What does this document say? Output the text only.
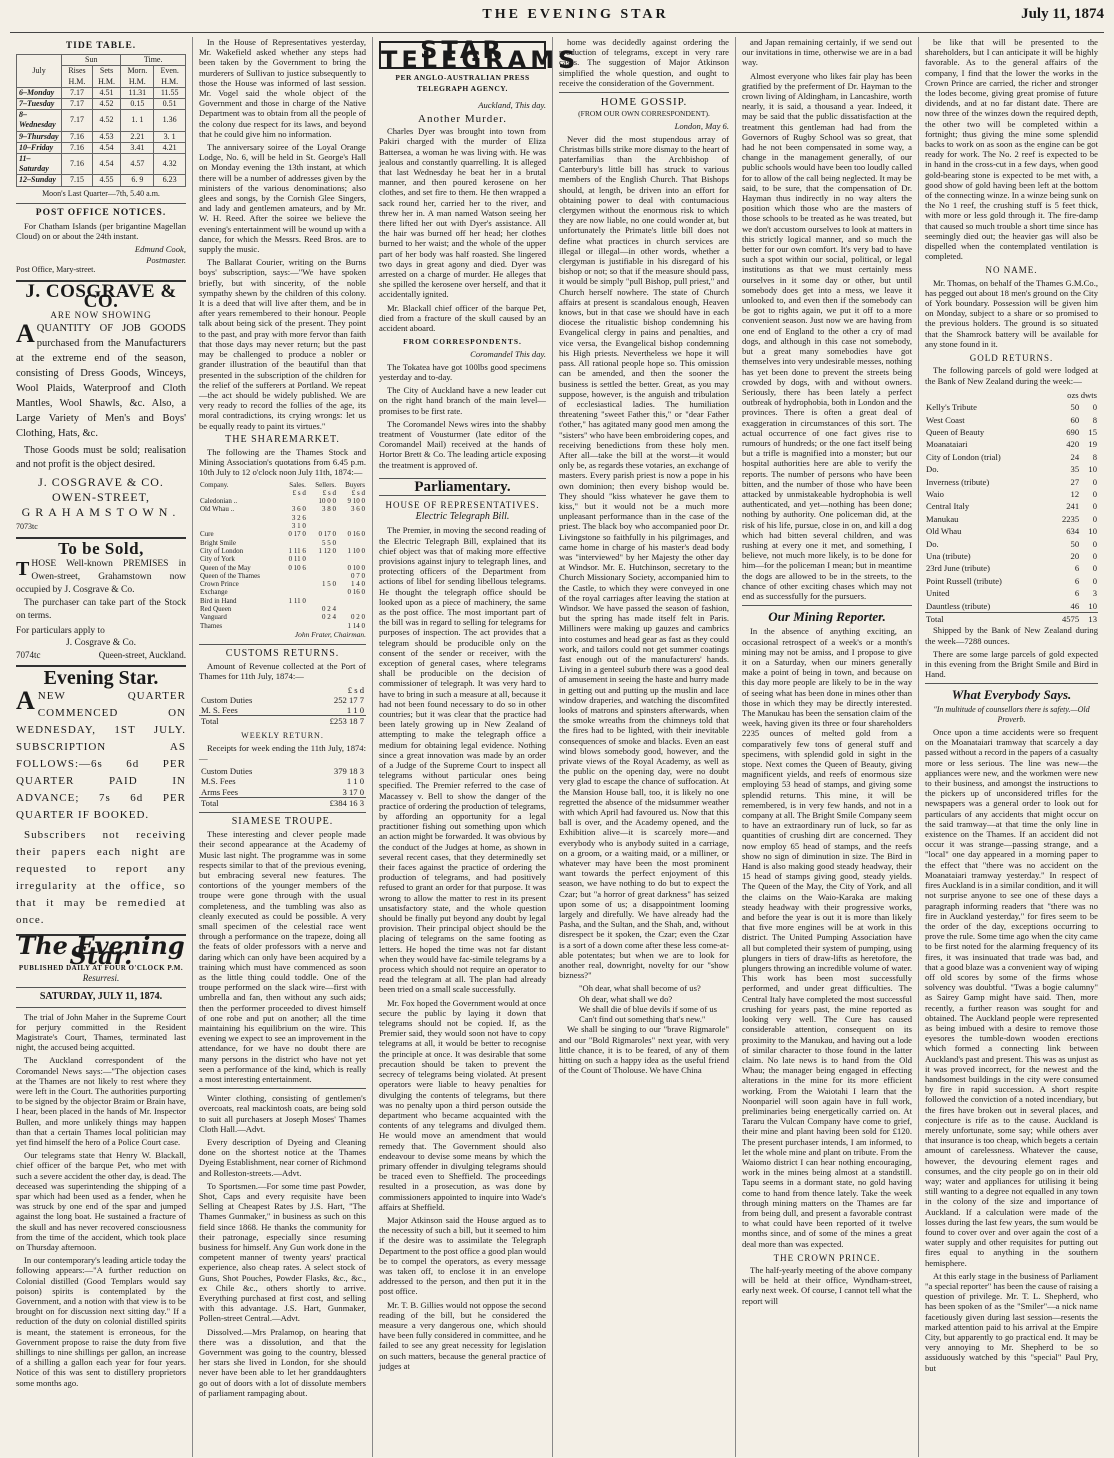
THE EVENING STAR	July 11, 1874
TIDE TABLE.
July	Sun		Time.	
	Rises H.M.	Sets H.M.	Morn. H.M.	Even. H.M.
6–Monday	7.17	4.51	11.31	11.55
7–Tuesday	7.17	4.52	0.15	0.51
8–Wednesday	7.17	4.52	1. 1	1.36
9–Thursday	7.16	4.53	2.21	3. 1
10–Friday	7.16	4.54	3.41	4.21
11–Saturday	7.16	4.54	4.57	4.32
12–Sunday	7.15	4.55	6. 9	6.23
Moon's Last Quarter—7th, 5.40 a.m.
POST OFFICE NOTICES.

For Chatham Islands (per brigantine Magellan Cloud) on or about the 24th instant.

Edmund Cook,
Postmaster.
Post Office, Mary-street.
J. COSGRAVE & CO.
ARE NOW SHOWING
AQUANTITY OF JOB GOODS purchased from the Manufacturers at the extreme end of the season, consisting of Dress Goods, Winceys, Wool Plaids, Waterproof and Cloth Mantles, Wool Shawls, &c. Also, a Large Variety of Men's and Boys' Clothing, Hats, &c.

Those Goods must be sold; realisation and not profit is the object desired.

J. COSGRAVE & CO.
OWEN-STREET,
GRAHAMSTOWN.
7073tc
To be Sold,
THOSE Well-known PREMISES in Owen-street, Grahamstown now occupied by J. Cosgrave & Co.

The purchaser can take part of the Stock on terms.

For particulars apply to
J. Cosgrave & Co.
7074tc	Queen-street, Auckland.
Evening Star.
ANEW QUARTER COMMENCED ON WEDNESDAY, 1ST JULY. SUBSCRIPTION AS FOLLOWS:—6s 6d PER QUARTER PAID IN ADVANCE; 7s 6d PER QUARTER IF BOOKED.

Subscribers not receiving their papers each night are requested to report any irregularity at the office, so that it may be remedied at once.

The Evening Star.
PUBLISHED DAILY AT FOUR O'CLOCK P.M.
Resurresi.
SATURDAY, JULY 11, 1874.

The trial of John Maher in the Supreme Court for perjury committed in the Resident Magistrate's Court, Thames, terminated last night, the accused being acquitted.

The Auckland correspondent of the Coromandel News says:—"The objection cases at the Thames are not likely to rest where they were left in the Court. The authorities purporting to be signed by the objector Braim or Brain have, I hear, been placed in the hands of Mr. Inspector Bullen, and more unlikely things may happen than that a certain Thames local politician may yet find himself the hero of a Police Court case.

Our telegrams state that Henry W. Blackall, chief officer of the barque Pet, who met with such a severe accident the other day, is dead. The deceased was superintending the shipping of a spar which had been used as a fender, when he was struck by one end of the spar and jumped against the long boat. He sustained a fracture of the skull and has never recovered consciousness from the time of the accident, which took place on Thursday afternoon.

In our contemporary's leading article today the following appears:—"A further reduction on Colonial distilled (Good Templars would say poison) spirits is contemplated by the Government, and a notion with that view is to be brought on for discussion next sitting day." If a reduction of the duty on colonial distilled spirits is meant, the statement is erroneous, for the Government propose to raise the duty from five shillings to nine shillings per gallon, an increase of a shilling a gallon each year for four years. Notice of this was sent to distillery proprietors some months ago.

In the House of Representatives yesterday, Mr. Wakefield asked whether any steps had been taken by the Government to bring the murderers of Sullivan to justice subsequently to those the House was informed of last session. Mr. Vogel said the whole object of the Government and those in charge of the Native Department was to obtain from all the people of the colony due respect for its laws, and beyond that he could give him no information.

The anniversary soiree of the Loyal Orange Lodge, No. 6, will be held in St. George's Hall on Monday evening the 13th instant, at which there will be a number of addresses given by the ministers of the various denominations; also glees and songs, by the Cornish Glee Singers, and lady and gentlemen amateurs, and by Mr. W. H. Reed. After the soiree we believe the evening's entertainment will be wound up with a dance, for which the Messrs. Reed Bros. are to supply the music.

The Ballarat Courier, writing on the Burns boys' subscription, says:—"We have spoken briefly, but with sincerity, of the noble sympathy shewn by the children of this colony. It is a deed that will live after them, and be in after years remembered to their honour. People talk about being sick of the present. They point to the past, and pray with more fervor than faith that those days may never return; but the past may be challenged to produce a nobler or grander illustration of the beautiful than that presented in the subscription of the children for the relief of the sufferers at Portland. We repeat—the act should be widely published. We are very ready to record the follies of the age, its moral contradictions, its crying wrongs: let us be equally ready to paint its virtues."

THE SHAREMARKET.

The following are the Thames Stock and Mining Association's quotations from 6.45 p.m. 10th July to 12 o'clock noon July 11th, 1874:—

Company.	Sales.	Sellers.	Buyers
	£ s d	£ s d	£ s d
Caledonian ..		10 0 0	9 10 0
Old Whau ..	3 6 0	3 8 0	3 6 0
	3 2 6		
	3 1 0		
Cure	0 17 0	0 17 0	0 16 0
Bright Smile		5 5 0	
City of London	1 11 6	1 12 0	1 10 0
City of York	0 11 0		
Queen of the May	0 10 6		0 10 0
Queen of the Thames			0 7 0
Crown Prince		1 5 0	1 4 0
Exchange			0 16 0
Bird in Hand	1 11 0		
Red Queen		0 2 4	
Vanguard		0 2 4	0 2 0
Thames			1 14 0
John Frater, Chairman.
CUSTOMS RETURNS.

Amount of Revenue collected at the Port of Thames for 11th July, 1874:—

	£ s d
Custom Duties	252 17 7
M. S. Fees	1 1 0
Total	£253 18 7
WEEKLY RETURN.

Receipts for week ending the 11th July, 1874:—

Custom Duties	379 18 3
M.S. Fees	1 1 0
Arms Fees	3 17 0
Total	£384 16 3
SIAMESE TROUPE.

These interesting and clever people made their second appearance at the Academy of Music last night. The programme was in some respects similar to that of the previous evening, but embracing several new features. The contortions of the younger members of the troupe were gone through with the usual completeness, and the tumbling was also as cleanly executed as could be possible. A very small specimen of the celestial race went through a performance on the trapeze, doing all the feats of older professors with a nerve and daring which can only have been acquired by a training which must have commenced as soon as the little thing could toddle. One of the troupe performed on the slack wire—first with umbrella and fan, then without any such aids; then the performer proceeded to divest himself of one robe and put on another; all the time maintaining his equilibrium on the wire. This evening we expect to see an improvement in the attendance, for we have no doubt there are many persons in the district who have not yet seen a performance of the kind, which is really a most interesting entertainment.

Winter clothing, consisting of gentlemen's overcoats, real mackintosh coats, are being sold to suit all purchasers at Joseph Moses' Thames Cloth Hall.—Advt.

Every description of Dyeing and Cleaning done on the shortest notice at the Thames Dyeing Establishment, near corner of Richmond and Rolleston-streets.—Advt.

To Sportsmen.—For some time past Powder, Shot, Caps and every requisite have been Selling at Cheapest Rates by J.S. Hart, "The Thames Gunmaker," in business as such on this field since 1868. He thanks the community for their patronage, especially since resuming business for himself. Any Gun work done in the competent manner of twenty years' practical experience, also cheap rates. A select stock of Guns, Shot Pouches, Powder Flasks, &c., &c., ex Chile &c., others shortly to arrive. Everything purchased at first cost, and selling with this advantage. J.S. Hart, Gunmaker, Pollen-street Central.—Advt.

Dissolved.—Mrs Pralamop, on hearing that there was a dissolution, and that the Government was going to the country, blessed her stars she lived in London, for she should never have been able to let her granddaughters go out of doors with a lot of dissolute members of parliament rampaging about.

STAR TELEGRAMS
PER ANGLO-AUSTRALIAN PRESS TELEGRAPH AGENCY.
Auckland, This day.
Another Murder.

Charles Dyer was brought into town from Pakiri charged with the murder of Eliza Battersea, a woman he was living with. He was jealous and constantly quarrelling. It is alleged that last Wednesday he beat her in a brutal manner, and then poured kerosene on her clothes, and set fire to them. He then wrapped a sack round her, carried her to the river, and threw her in. A man named Watson seeing her there lifted her out with Dyer's assistance. All the hair was burned off her head; her clothes burned to her waist; and the whole of the upper part of her body was half roasted. She lingered two days in great agony and died. Dyer was arrested on a charge of murder. He alleges that she spilled the kerosene over herself, and that it accidentally ignited.

Mr. Blackall chief officer of the barque Pet, died from a fracture of the skull caused by an accident aboard.

FROM CORRESPONDENTS.
Coromandel This day.

The Tokatea have got 100lbs good specimens yesterday and to-day.

The City of Auckland have a new leader cut on the right hand branch of the main level—promises to be first rate.

The Coromandel News wires into the shabby treatment of Vousturmer (late editor of the Coromandel Mail) received at the hands of Hortor Brett & Co. The leading article exposing the treatment is approved of.

Parliamentary.
HOUSE OF REPRESENTATIVES.
Electric Telegraph Bill.

The Premier, in moving the second reading of the Electric Telegraph Bill, explained that its chief object was that of making more effective provisions against injury to telegraph lines, and protecting officers of the Department from actions of libel for sending libellous telegrams. He thought the telegraph office should be looked upon as a piece of machinery, the same as the post office. The most important part of the bill was in regard to selling for telegrams for purposes of inspection. The act provides that a telegram should be producible only on the consent of the sender or receiver, with the exception of general cases, where telegrams shall be producible on the decision of commissioner of telegraph. It was very hard to have to bring in such a measure at all, because it had not been found necessary to do so in other countries; but it was clear that the practice had been lately growing up in New Zealand of attempting to make the telegraph office a medium for obtaining legal evidence. Nothing since a great innovation was made by an order of a Judge of the Supreme Court to inspect all telegrams without particular ones being specified. The Premier referred to the case of Macassey v. Bell to show the danger of the practice of ordering the production of telegrams, by affording an opportunity for a legal practitioner fishing out something upon which an action might be forwarded. It was obvious by the conduct of the Judges at home, as shown in several recent cases, that they determinedly set their faces against the practice of ordering the production of telegrams, and had positively refused to grant an order for that purpose. It was wrong to allow the matter to rest in its present unsatisfactory state, and the whole question should be finally put beyond any doubt by legal provision. Their principal object should be the placing of telegrams on the same footing as letters. He hoped the time was not far distant when they would have fac-simile telegrams by a process which should not require an operator to read the telegram at all. The plan had already been tried on a small scale successfully.

Mr. Fox hoped the Government would at once secure the public by laying it down that telegrams should not be copied. If, as the Premier said, they would soon not have to copy telegrams at all, it would be better to recognise the principle at once. It was desirable that some precaution should be taken to prevent the secrecy of telegrams being violated. At present operators were liable to heavy penalties for divulging the contents of telegrams, but there was no penalty upon a third person outside the department who became acquainted with the contents of any telegrams and divulged them. He would move an amendment that would remedy that. The Government should also endeavour to devise some means by which the primary offender in divulging telegrams should be traced even to Sheffield. The proceedings resulted in a prosecution, as was done by commissioners appointed to inquire into Wade's affairs at Sheffield.

Major Atkinson said the House argued as to the necessity of such a bill, but it seemed to him if the desire was to assimilate the Telegraph Department to the post office a good plan would be to compel the operators, as every message was taken off, to enclose it in an envelope addressed to the person, and then put it in the post office.

Mr. T. B. Gillies would not oppose the second reading of the bill, but he considered the measure a very dangerous one, which should have been fully considered in committee, and he failed to see any great necessity for legislation on such matters, because the general practice of judges at

home was decidedly against ordering the production of telegrams, except in very rare cases. The suggestion of Major Atkinson simplified the whole question, and ought to receive the consideration of the Government.

HOME GOSSIP.
(FROM OUR OWN CORRESPONDENT).
London, May 6.

Never did the most stupendous array of Christmas bills strike more dismay to the heart of paterfamilias than the Archbishop of Canterbury's little bill has struck to various members of the English Church. That Bishops should, at length, be driven into an effort for obtaining power to deal with contumacious clergymen without the enormous risk to which they are now liable, no one could wonder at, but unfortunately the Primate's little bill does not define what practices in church services are illegal or illegal—in other words, whether a clergyman is justifiable in his disregard of his bishop or not; so that if the measure should pass, it would be simply "pull Bishop, pull priest," and Church herself nowhere. The state of Church affairs at present is scandalous enough, Heaven knows, but in that case we should have in each diocese the ritualistic bishop condemning his Evangelical clergy in pains and penalties, and vice versa, the Evangelical bishop condemning his High priests. Nevertheless we hope it will pass. All rational people hope so. This omission can be amended, and then the sooner the business is settled the better. Great, as you may suppose, however, is the anguish and tribulation of ecclesiastical ladies. The humiliation threatening "sweet Father this," or "dear Father t'other," has agitated many good men among the "sisters" who have been embroidering copes, and receiving benedictions from these holy men. After all—take the bill at the worst—it would only be, as regards these votaries, an exchange of masters. Every parish priest is now a pope in his own dominion; then every bishop would be. They should "kiss whatever he gave them to kiss," but it would not be a much more unpleasant performance than in the case of the priest. The black boy who accompanied poor Dr. Livingstone so faithfully in his pilgrimages, and came home in charge of his master's dead body was "interviewed" by her Majesty the other day at Windsor. Mr. E. Hutchinson, secretary to the Church Missionary Society, accompanied him to the Castle, to which they were conveyed in one of the royal carriages after leaving the station at Windsor. We have passed the season of fashion, but the spring has made itself felt in Paris. Milliners were making up gauzes and cambrics into costumes and head gear as fast as they could work, and tailors could not get summer coatings fast enough out of the manufacturers' hands. Living in a genteel suburb there was a good deal of amusement in seeing the haste and hurry made in getting out and putting up the muslin and lace window draperies, and watching the discomfited looks of matrons and spinsters afterwards, when the smoke wreaths from the chimneys told that the fires had to be lighted, with their inevitable consequences of smoke and blacks. Even an east wind blows somebody good, however, and the private views of the Royal Academy, as well as the public on the opening day, were no doubt very glad to escape the chance of suffocation. At the Mansion House ball, too, it is likely no one regretted the absence of the midsummer weather with which April had favoured us. Now that this ball is over, and the Academy opened, and the Exhibition alive—it is scarcely more—and everybody who is anybody suited in a carriage, on a groom, or a waiting maid, or a milliner, or whatever may have been the most prominent want towards the perfect enjoyment of this season, we have nothing to do but to expect the Czar; but "a horror of great darkness" has seized upon some of us; a disappointment looming largely and direfully. We have already had the Pasha, and the Sultan, and the Shah, and, without disrespect be it spoken, the Czar; even the Czar is a sort of a down come after these less come-at-able potentates; but when we are to look for another real, downright, novelty for our "show bizness?"

"Oh dear, what shall become of us?
Oh dear, what shall we do?
We shall die of blue devils if some of us
Can't find out something that's new."

We shall be singing to our "brave Rigmarole" and our "Bold Rigmaroles" next year, with very little chance, it is to be feared, of any of them hitting on such a happy idea as the useful friend of the Count of Tholouse. We have China

and Japan remaining certainly, if we send out our invitations in time, otherwise we are in a bad way.

Almost everyone who likes fair play has been gratified by the preferment of Dr. Hayman to the crown living of Aldingham, in Lancashire, worth nearly, it is said, a thousand a year. Indeed, it may be said that the public dissatisfaction at the treatment this gentleman had had from the Governors of Rugby School was so great, that had he not been compensated in some way, a change in the management generally, of our public schools would have been too loudly called for to allow of the call being neglected. It may be said, to be sure, that the compensation of Dr. Hayman thus indirectly in no way alters the position which those who are the masters of those schools to be treated as he was treated, but we don't accustom ourselves to look at matters in this strictly logical manner, and so much the better for our own comfort. It's very bad to have such a spot within our social, political, or legal institutions as that we must certainly mess ourselves in it some day or other, but until somebody does get into a mess, we leave it unlooked to, and even then if the somebody can be got to rights again, we put it off to a more convenient season. Just now we are having from one end of England to the other a cry of mad dogs, and although in this case not somebody, but a great many somebodies have got themselves into very undesirable messes, nothing has yet been done to prevent the streets being crowded by dogs, with and without owners. Seriously, there has been lately a perfect outbreak of hydrophobia, both in London and the provinces. There is often a great deal of exaggeration in circumstances of this sort. The actual occurrence of one fact gives rise to rumours of hundreds; or the one fact itself being but a trifle is magnified into a monster; but our hospital authorities here are able to verify the reports. The number of persons who have been bitten, and the number of those who have been attacked by unmistakeable hydrophobia is well authenticated, and yet—nothing has been done; nothing by authority. One policeman did, at the risk of his life, pursue, close in on, and kill a dog which had bitten several children, and was rushing at every one it met, and something, I believe, not much more likely, is to be done for him—for the policeman I mean; but in meantime the dogs are allowed to be in the streets, to the chance of other exciting chases which may not end as successfully for the pursuers.

Our Mining Reporter.

In the absence of anything exciting, an occasional retrospect of a week's or a month's mining may not be amiss, and I propose to give it on a Saturday, when our miners generally make a point of being in town, and because on this day more people are likely to be in the way of seeing what has been done in mines other than those in which they may be directly interested. The Manukau has been the sensation claim of the week, having given its three or four shareholders 2235 ounces of melted gold from a comparatively few tons of general stuff and specimens, with splendid gold in sight in the stope. Next comes the Queen of Beauty, giving magnificent yields, and reefs of enormous size employing 53 head of stamps, and giving some splendid returns. This mine, it will be remembered, is in very few hands, and not in a company at all. The Bright Smile Company seem to have an extraordinary run of luck, so far as quantities of crushing dirt are concerned. They now employ 65 head of stamps, and the reefs show no sign of diminution in size. The Bird in Hand is also making good steady headway, their 15 head of stamps giving good, steady yields. The Queen of the May, the City of York, and all the claims on the Waio-Karaka are making steady headway with their progressive works, and before the year is out it is more than likely that five more engines will be at work in this district. The United Pumping Association have all but completed their system of pumping, using plungers in tiers of draw-lifts as heretofore, the plungers throwing an incredible volume of water. This work has been most successfully performed, and under great difficulties. The Central Italy have completed the most successful crushing for years past, the mine reported as looking very well. The Cure has caused considerable attention, consequent on its proximity to the Manukau, and having out a lode of similar character to those found in the latter claim. No late news is to hand from the Old Whau; the manager being engaged in effecting alterations in the mine for its more efficient working. From the Waiotahi I learn that the Noonpariel will soon again have in full work, preliminaries being energetically carried on. At Tararu the Vulcan Company have come to grief, their mine and plant having been sold for £120. The present purchaser intends, I am informed, to let the whole mine and plant on tribute. From the Waiomo district I can hear nothing encouraging, work in the mines being almost at a standstill. Tapu seems in a dormant state, no gold having come to hand from thence lately. Take the week through mining matters on the Thames are far from being dull, and present a favorable contrast to what could have been reported of it twelve months since, and of some of the mines a great deal more than was expected.

THE CROWN PRINCE.

The half-yearly meeting of the above company will be held at their office, Wyndham-street, early next week. Of course, I cannot tell what the report will

be like that will be presented to the shareholders, but I can anticipate it will be highly favorable. As to the general affairs of the company, I find that the lower the works in the Crown Prince are carried, the richer and stronger the lodes become, giving great promise of future dividends, and at no far distant date. There are now three of the winzes down the required depth, the other two will be completed within a fortnight; thus giving the mine some splendid backs to work on as soon as the engine can be got ready for work. The No. 2 reef is expected to be in hand in the cross-cut in a few days, when good gold-bearing stone is expected to be met with, a good show of gold having been left at the bottom of the connecting winze. In a winze being sunk on the No 1 reef, the crushing stuff is 5 feet thick, with more or less gold through it. The fire-damp that caused so much trouble a short time since has seemingly died out; the heavier gas will also be dispelled when the contemplated ventilation is completed.

NO NAME.

Mr. Thomas, on behalf of the Thames G.M.Co., has pegged out about 18 men's ground on the City of York boundary. Possession will be given him on Monday, subject to a share or so promised to the previous holders. The ground is so situated that the Shamrock battery will be available for any stone found in it.

GOLD RETURNS.

The following parcels of gold were lodged at the Bank of New Zealand during the week:—

	ozs dwts	
Kelly's Tribute	50	0
West Coast	60	8
Queen of Beauty	690	15
Moanataiari	420	19
City of London (trial)	24	8
Do.	35	10
Inverness (tribute)	27	0
Waio	12	0
Central Italy	241	0
Manukau	2235	0
Old Whau	634	10
Do.	50	0
Una (tribute)	20	0
23rd June (tribute)	6	0
Point Russell (tribute)	6	0
United	6	3
Dauntless (tribute)	46	10
Total	4575	13

Shipped by the Bank of New Zealand during the week—7288 ounces.

There are some large parcels of gold expected in this evening from the Bright Smile and Bird in Hand.

What Everybody Says.
"In multitude of counsellors there is safety.—Old Proverb.

Once upon a time accidents were so frequent on the Moanataiari tramway that scarcely a day passed without a record in the papers of a casualty more or less serious. The line was new—the appliances were new, and the workmen were new to their business, and amongst the instructions to the pickers up of unconsidered trifles for the newspapers was a general order to look out for particulars of any accidents that might occur on the said tramway—at that time the only line in existence on the Thames. If an accident did not occur it was strange—passing strange, and a "local" one day appeared in a morning paper to the effect that "there was no accident on the Moanataiari tramway yesterday." In respect of fires Auckland is in a similar condition, and it will not surprise anyone to see one of these days a paragraph informing readers that "there was no fire in Auckland yesterday," for fires seem to be the order of the day, exceptions occurring to prove the rule. Some time ago when the city came to be first noted for the alarming frequency of its fires, it was insinuated that trade was bad, and that a good blaze was a convenient way of wiping off old scores by some of the firms whose solvency was doubtful. "Twas a bogie calumny" as Sairey Gamp might have said. Then, more recently, a further reason was sought for and obtained. The Auckland people were represented as being imbued with a desire to remove those eyesores the tumble-down wooden erections which formed a connecting link between Auckland's past and present. This was as unjust as it was proved incorrect, for the newest and the handsomest buildings in the city were consumed by fire in rapid succession. A short respite followed the conviction of a noted incendiary, but the fires have broken out in several places, and conjecture is rife as to the cause. Auckland is merely unfortunate, some say; while others aver that insurance is too cheap, which begets a certain amount of carelessness. Whatever the cause, however, the devouring element rages and consumes, and the city people go on in their old way; water and appliances for utilising it being still wanting to a degree not equalled in any town in the colony of the size and importance of Auckland. If a calculation were made of the losses during the last few years, the sum would be found to cover over and over again the cost of a water supply and other requisites for putting out fires equal to anything in the southern hemisphere.

At this early stage in the business of Parliament "a special reporter" has been the cause of raising a question of privilege. Mr. T. L. Shepherd, who has been spoken of as the "Smiler"—a nick name facetiously given during last session—resents the marked attention paid to his arrival at the Empire City, but apparently to go practical end. It may be very annoying to Mr. Shepherd to be so assiduously watched by this "special" Paul Pry, but
